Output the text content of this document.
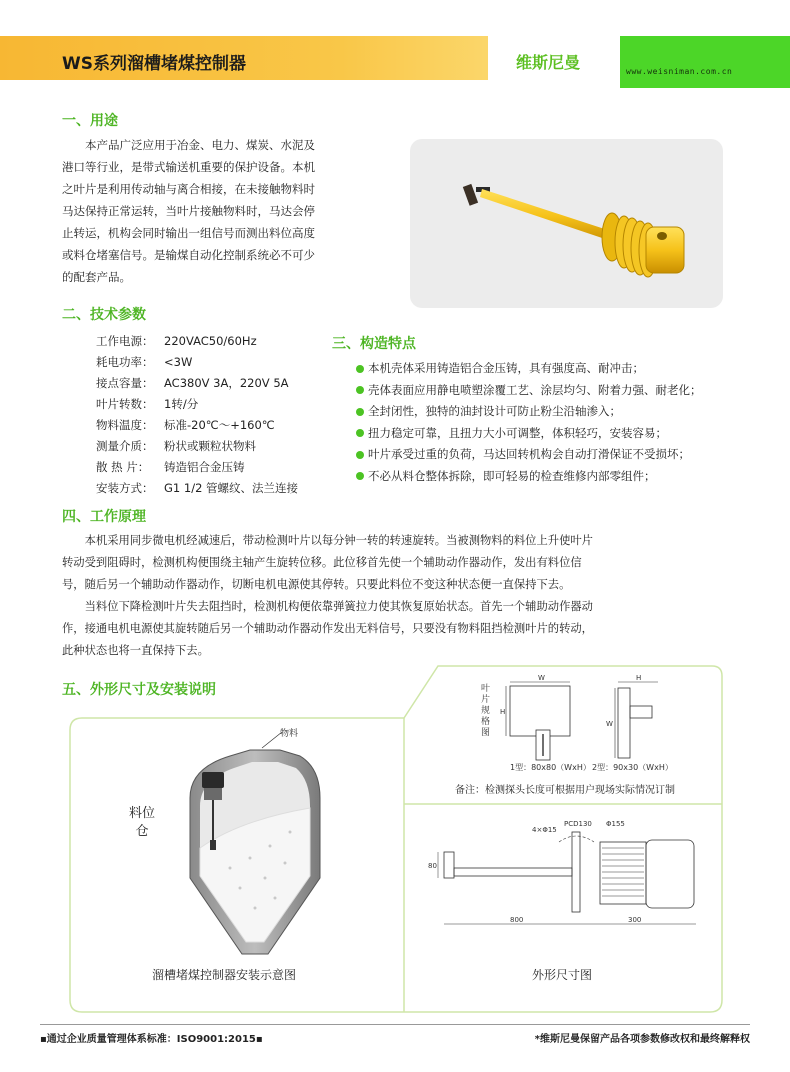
WS系列溜槽堵煤控制器	维斯尼曼	www.weisniman.com.cn
一、用途
本产品广泛应用于冶金、电力、煤炭、水泥及
港口等行业，是带式输送机重要的保护设备。本机
之叶片是利用传动轴与离合相接，在未接触物料时
马达保持正常运转，当叶片接触物料时，马达会停
止转运，机构会同时输出一组信号而测出料位高度
或料仓堵塞信号。是输煤自动化控制系统必不可少
的配套产品。
二、技术参数
工作电源： 220VAC50/60Hz
耗电功率： <3W
接点容量： AC380V 3A，220V 5A
叶片转数： 1转/分
物料温度： 标准-20℃～+160℃
测量介质： 粉状或颗粒状物料
散 热 片：	铸造铝合金压铸
安装方式： G1 1/2 管螺纹、法兰连接
三、构造特点
本机壳体采用铸造铝合金压铸，具有强度高、耐冲击；
壳体表面应用静电喷塑涂覆工艺、涂层均匀、附着力强、耐老化；
全封闭性，独特的油封设计可防止粉尘沿轴渗入；
扭力稳定可靠，且扭力大小可调整，体积轻巧，安装容易；
叶片承受过重的负荷，马达回转机构会自动打滑保证不受损坏；
不必从料仓整体拆除，即可轻易的检查维修内部零组件；
四、工作原理
本机采用同步微电机经减速后，带动检测叶片以每分钟一转的转速旋转。当被测物料的料位上升使叶片
转动受到阻碍时，检测机构便围绕主轴产生旋转位移。此位移首先使一个辅助动作器动作，发出有料位信
号，随后另一个辅助动作器动作，切断电机电源使其停转。只要此料位不变这种状态便一直保持下去。
当料位下降检测叶片失去阻挡时，检测机构便依靠弹簧拉力使其恢复原始状态。首先一个辅助动作器动
作，接通电机电源使其旋转随后另一个辅助动作器动作发出无料信号，只要没有物料阻挡检测叶片的转动，
此种状态也将一直保持下去。
五、外形尺寸及安装说明
W
H
H
W
叶片规格图
1型：80x80（WxH） 2型：90x30（WxH）
备注：检测探头长度可根据用户现场实际情况订制
物料
料位仓
溜槽堵煤控制器安装示意图
80
800	300
4×Φ15
PCD130 Φ155
外形尺寸图
▪通过企业质量管理体系标准：ISO9001:2015▪	*维斯尼曼保留产品各项参数修改权和最终解释权
